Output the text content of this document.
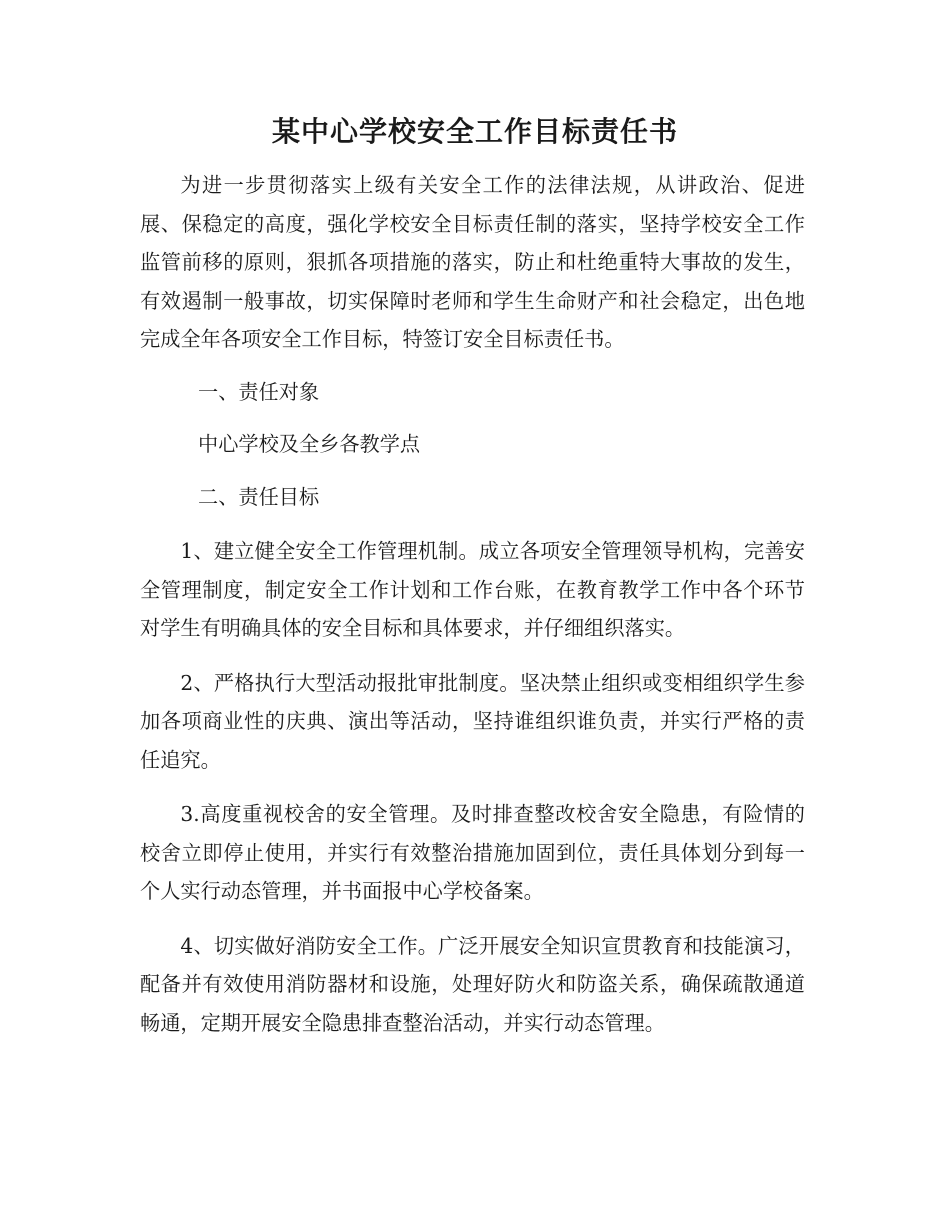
某中心学校安全工作目标责任书

为进一步贯彻落实上级有关安全工作的法律法规，从讲政治、促进展、保稳定的高度，强化学校安全目标责任制的落实，坚持学校安全工作监管前移的原则，狠抓各项措施的落实，防止和杜绝重特大事故的发生，有效遏制一般事故，切实保障时老师和学生生命财产和社会稳定，出色地完成全年各项安全工作目标，特签订安全目标责任书。

一、责任对象

中心学校及全乡各教学点

二、责任目标

1、建立健全安全工作管理机制。成立各项安全管理领导机构，完善安全管理制度，制定安全工作计划和工作台账，在教育教学工作中各个环节对学生有明确具体的安全目标和具体要求，并仔细组织落实。

2、严格执行大型活动报批审批制度。坚决禁止组织或变相组织学生参加各项商业性的庆典、演出等活动，坚持谁组织谁负责，并实行严格的责任追究。

3.高度重视校舍的安全管理。及时排查整改校舍安全隐患，有险情的校舍立即停止使用，并实行有效整治措施加固到位，责任具体划分到每一个人实行动态管理，并书面报中心学校备案。

4、切实做好消防安全工作。广泛开展安全知识宣贯教育和技能演习，配备并有效使用消防器材和设施，处理好防火和防盗关系，确保疏散通道畅通，定期开展安全隐患排查整治活动，并实行动态管理。
